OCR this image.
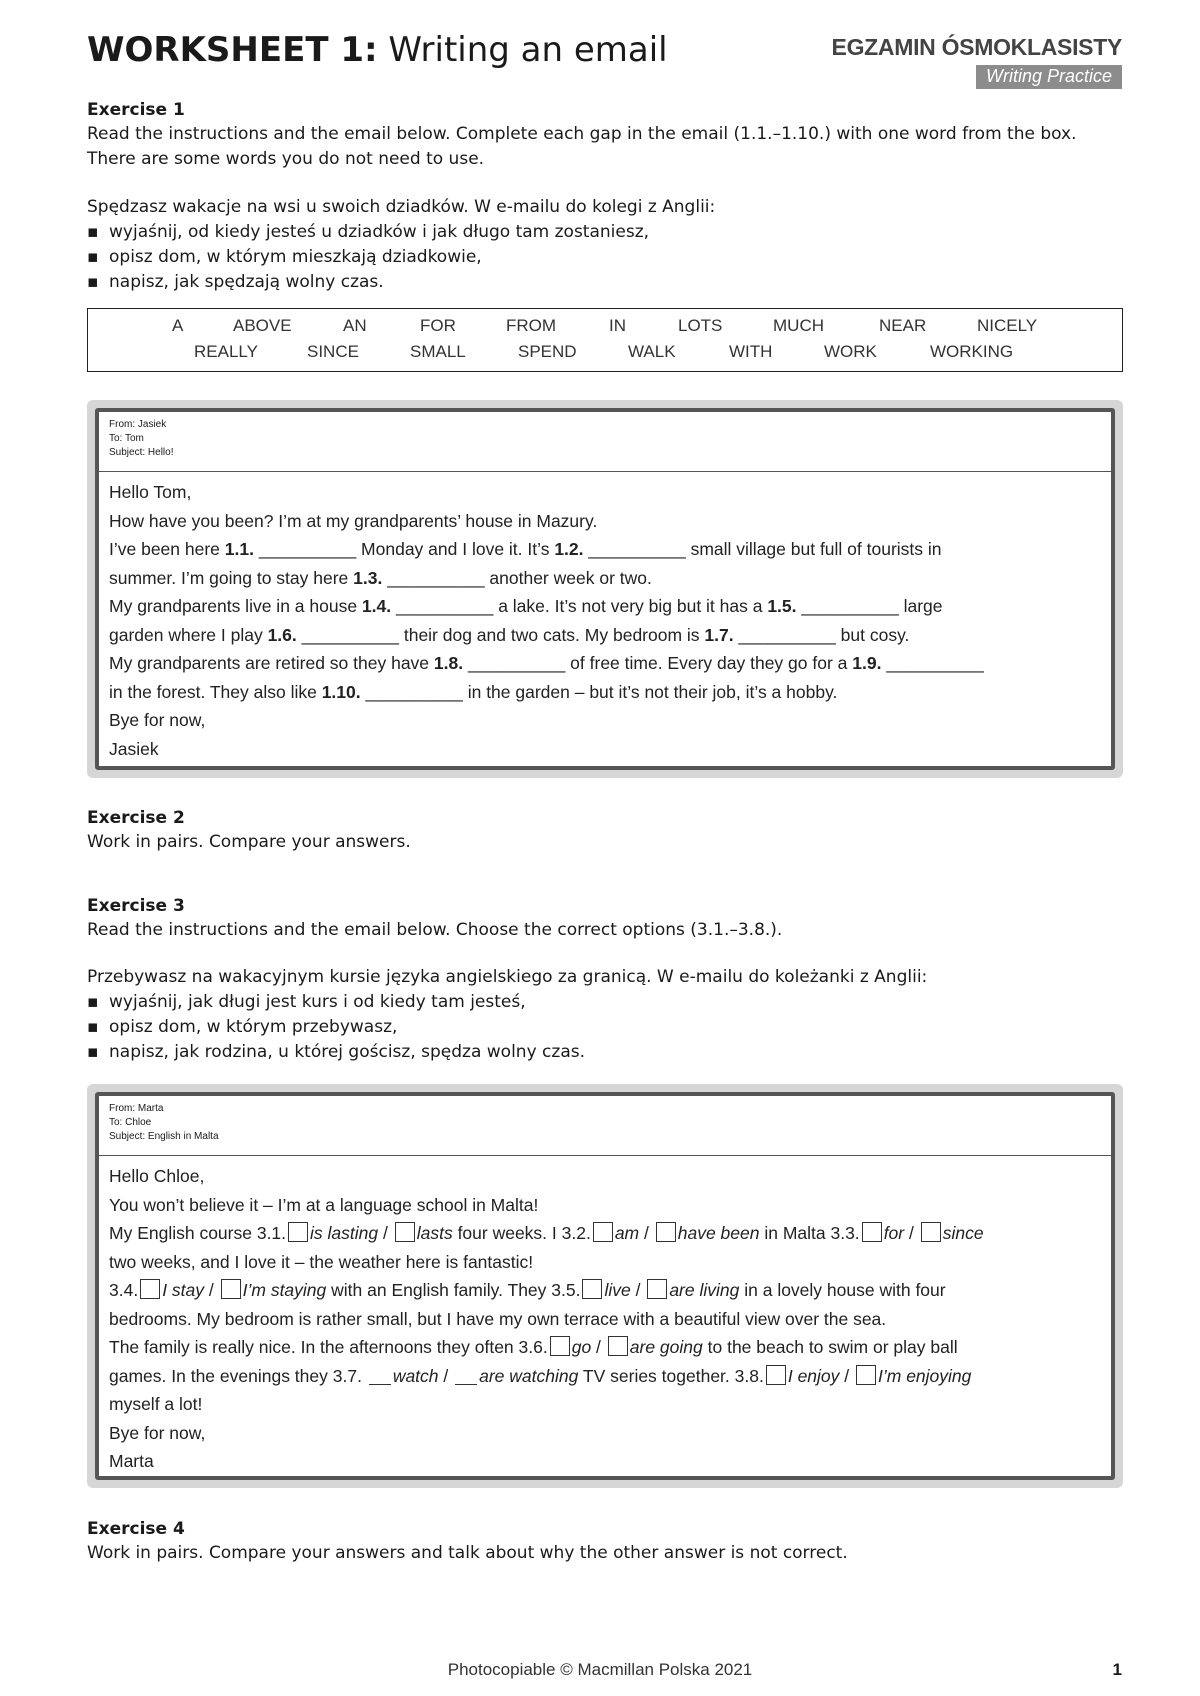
WORKSHEET 1: Writing an email	EGZAMIN ÓSMOKLASISTY
Writing Practice
Exercise 1
Read the instructions and the email below. Complete each gap in the email (1.1.–1.10.) with one word from the box. There are some words you do not need to use.
Spędzasz wakacje na wsi u swoich dziadków. W e-mailu do kolegi z Anglii:
▪ wyjaśnij, od kiedy jesteś u dziadków i jak długo tam zostaniesz,
▪ opisz dom, w którym mieszkają dziadkowie,
▪ napisz, jak spędzają wolny czas.
A	ABOVE	AN	FOR	FROM	IN	LOTS	MUCH	NEAR	NICELY
REALLY	SINCE	SMALL	SPEND	WALK	WITH	WORK	WORKING
From: Jasiek
To: Tom
Subject: Hello!

Hello Tom,

How have you been? I’m at my grandparents’ house in Mazury.

I’ve been here 1.1. __________ Monday and I love it. It’s 1.2. __________ small village but full of tourists in

summer. I’m going to stay here 1.3. __________ another week or two.

My grandparents live in a house 1.4. __________ a lake. It’s not very big but it has a 1.5. __________ large

garden where I play 1.6. __________ their dog and two cats. My bedroom is 1.7. __________ but cosy.

My grandparents are retired so they have 1.8. __________ of free time. Every day they go for a 1.9. __________

in the forest. They also like 1.10. __________ in the garden – but it’s not their job, it’s a hobby.

Bye for now,

Jasiek

Exercise 2
Work in pairs. Compare your answers.
Exercise 3
Read the instructions and the email below. Choose the correct options (3.1.–3.8.).
Przebywasz na wakacyjnym kursie języka angielskiego za granicą. W e-mailu do koleżanki z Anglii:
▪ wyjaśnij, jak długi jest kurs i od kiedy tam jesteś,
▪ opisz dom, w którym przebywasz,
▪ napisz, jak rodzina, u której gościsz, spędza wolny czas.
From: Marta
To: Chloe
Subject: English in Malta

Hello Chloe,

You won’t believe it – I’m at a language school in Malta!

My English course 3.1. is lasting / lasts four weeks. I 3.2. am / have been in Malta 3.3. for / since

two weeks, and I love it – the weather here is fantastic!

3.4. I stay / I’m staying with an English family. They 3.5. live / are living in a lovely house with four

bedrooms. My bedroom is rather small, but I have my own terrace with a beautiful view over the sea.

The family is really nice. In the afternoons they often 3.6. go / are going to the beach to swim or play ball

games. In the evenings they 3.7. watch / are watching TV series together. 3.8. I enjoy / I’m enjoying

myself a lot!

Bye for now,

Marta

Exercise 4
Work in pairs. Compare your answers and talk about why the other answer is not correct.
Photocopiable © Macmillan Polska 2021	1
